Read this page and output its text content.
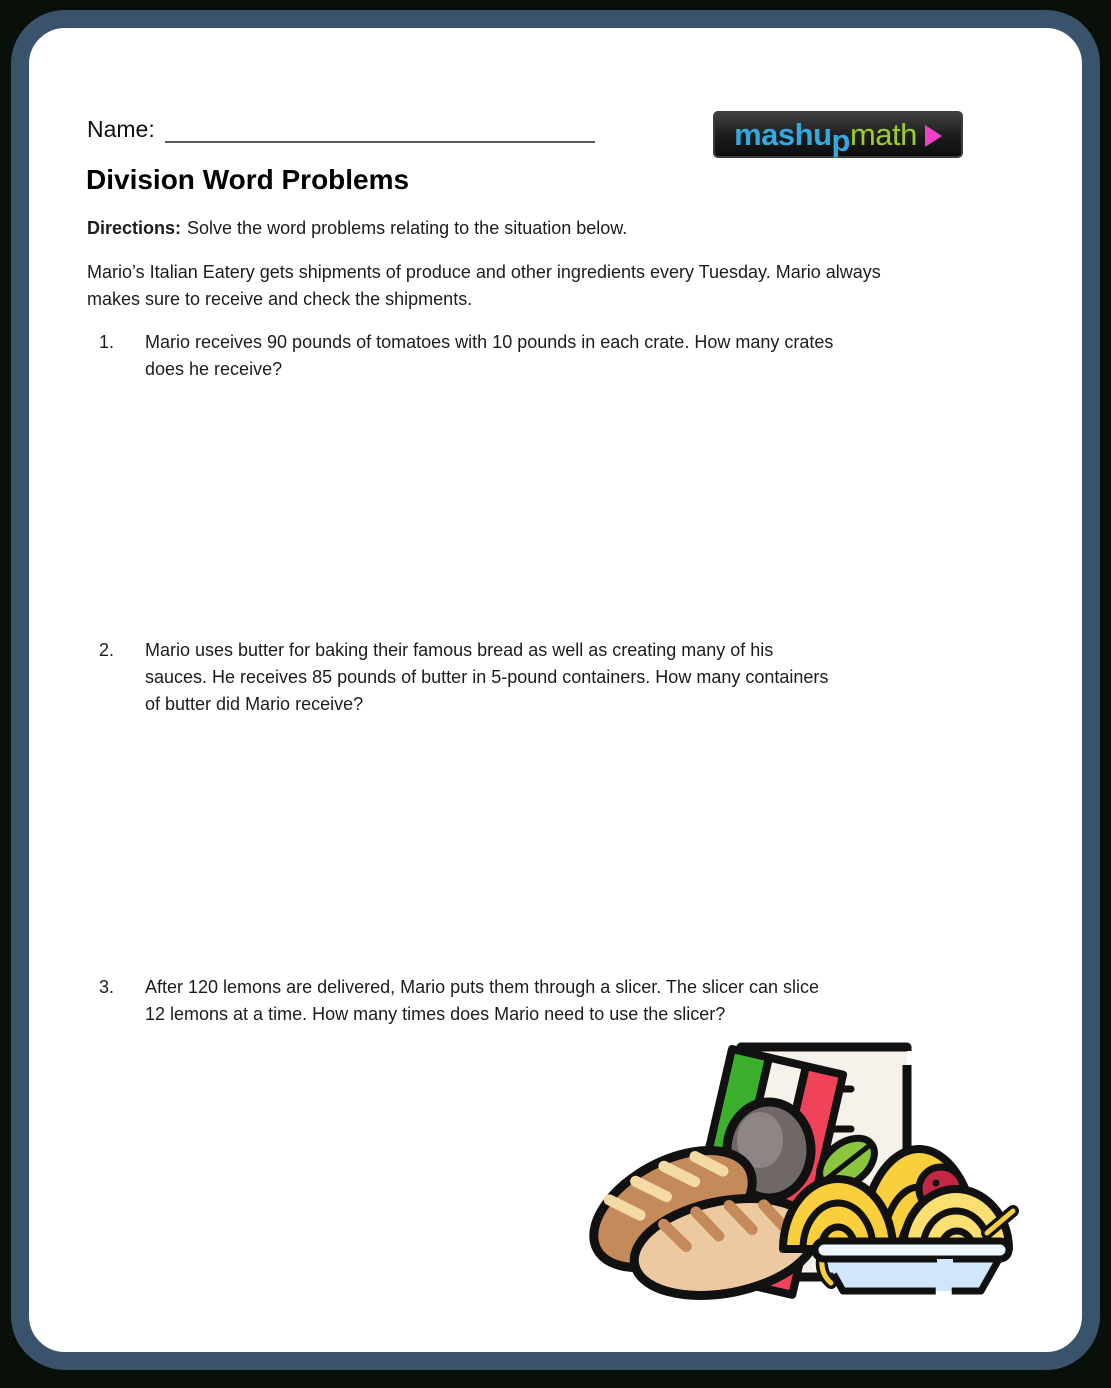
Name:	mashupmath
Division Word Problems
Directions: Solve the word problems relating to the situation below.
Mario’s Italian Eatery gets shipments of produce and other ingredients every Tuesday. Mario always
makes sure to receive and check the shipments.
1. Mario receives 90 pounds of tomatoes with 10 pounds in each crate. How many crates
does he receive?
2. Mario uses butter for baking their famous bread as well as creating many of his
sauces. He receives 85 pounds of butter in 5-pound containers. How many containers
of butter did Mario receive?
3. After 120 lemons are delivered, Mario puts them through a slicer. The slicer can slice
12 lemons at a time. How many times does Mario need to use the slicer?
